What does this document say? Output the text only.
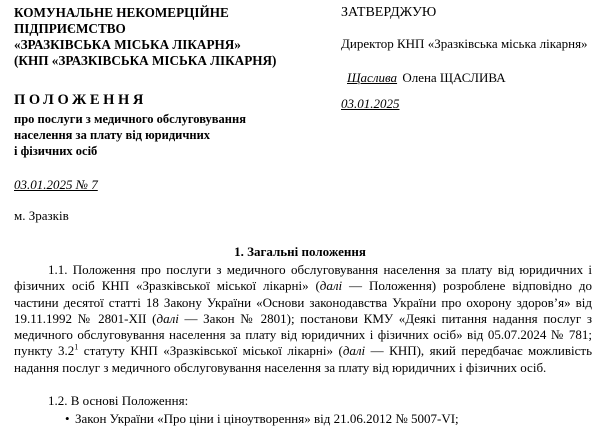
КОМУНАЛЬНЕ НЕКОМЕРЦІЙНЕ
ПІДПРИЄМСТВО
«ЗРАЗКІВСЬКА МІСЬКА ЛІКАРНЯ»
(КНП «ЗРАЗКІВСЬКА МІСЬКА ЛІКАРНЯ)
ЗАТВЕРДЖУЮ
Директор КНП «Зразківська міська лікарня»
Щаслива Олена ЩАСЛИВА
03.01.2025
ПОЛОЖЕННЯ
про послуги з медичного обслуговування
населення за плату від юридичних
і фізичних осіб
03.01.2025 № 7
м. Зразків
1. Загальні положення
1.1. Положення про послуги з медичного обслуговування населення за плату від юридичних і фізичних осіб КНП «Зразківської міської лікарні» (далі — Положення) розроблене відповідно до частини десятої статті 18 Закону України «Основи законодавства України про охорону здоров’я» від 19.11.1992 № 2801-XII (далі — Закон № 2801); постанови КМУ «Деякі питання надання послуг з медичного обслуговування населення за плату від юридичних і фізичних осіб» від 05.07.2024 № 781; пункту $3.2^1$ статуту КНП «Зразківської міської лікарні» (далі — КНП), який передбачає можливість надання послуг з медичного обслуговування населення за плату від юридичних і фізичних осіб.
1.2. В основі Положення:
• Закон України «Про ціни і ціноутворення» від 21.06.2012 № 5007-VI;
